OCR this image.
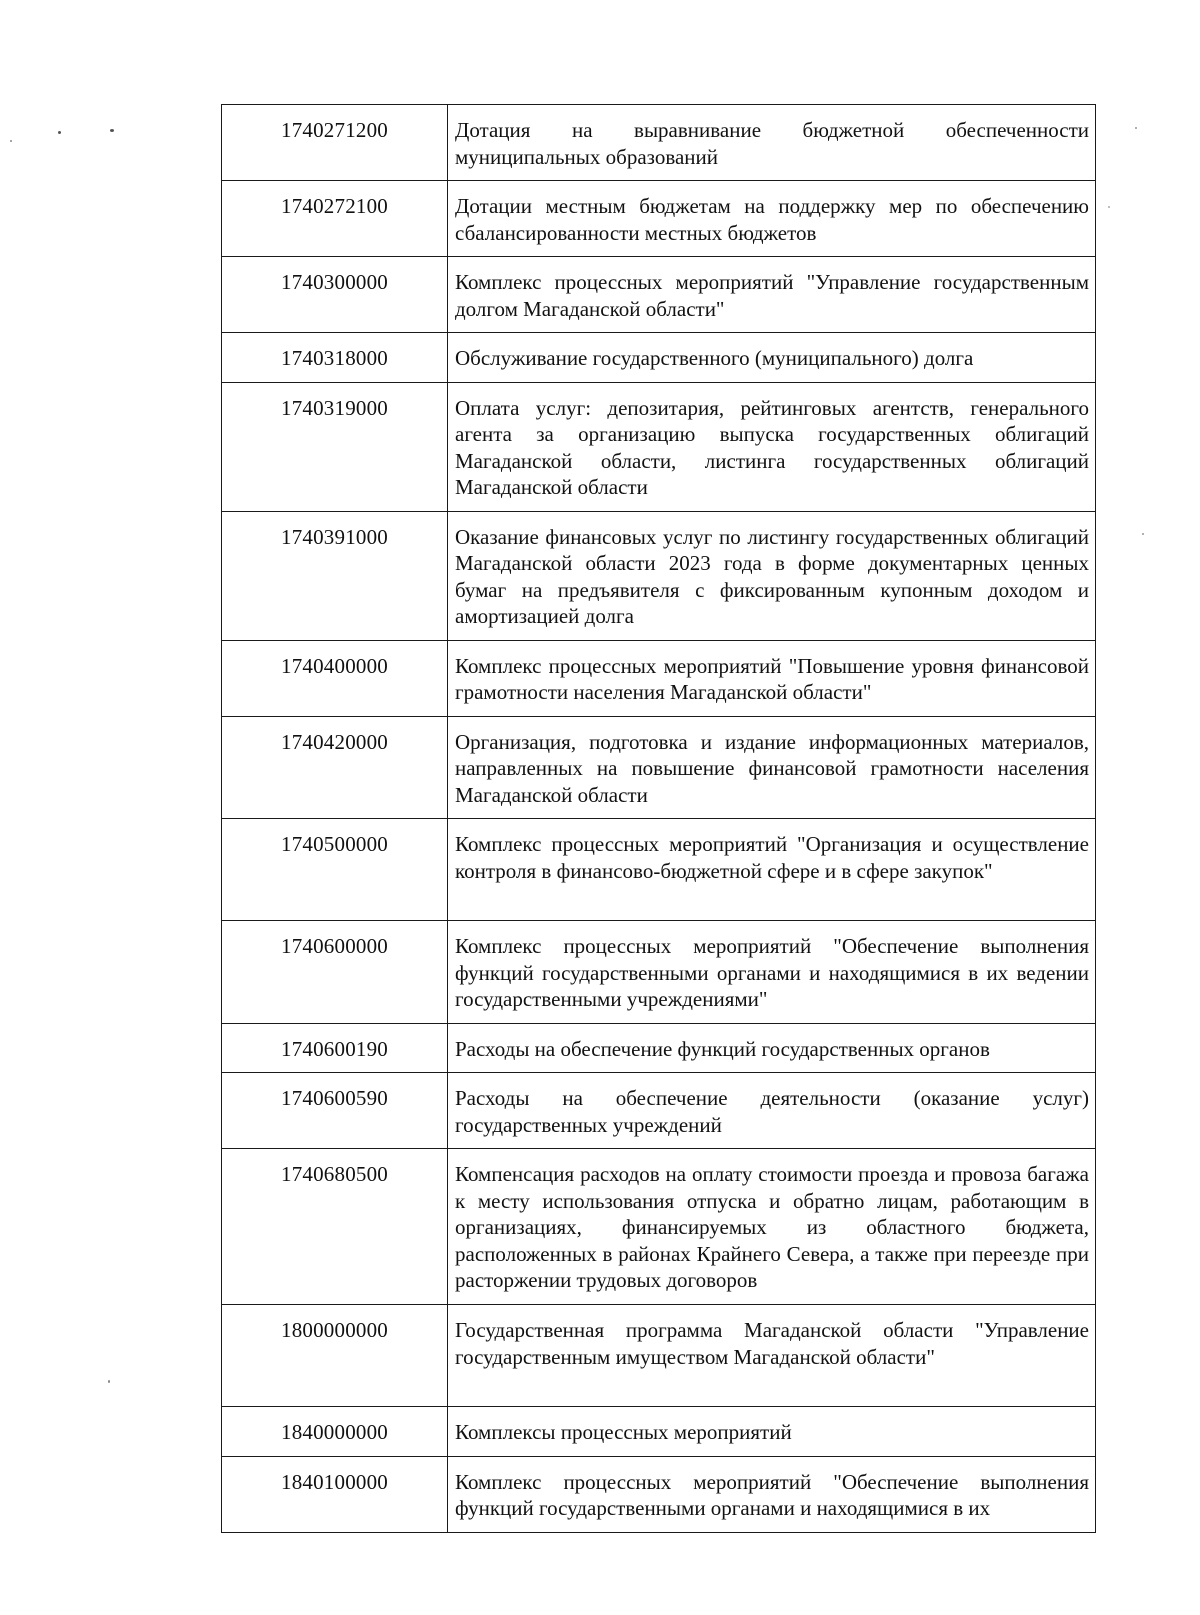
1740271200	Дотация на выравнивание бюджетной обеспеченности муниципальных образований
1740272100	Дотации местным бюджетам на поддержку мер по обеспечению сбалансированности местных бюджетов
1740300000	Комплекс процессных мероприятий "Управление государственным долгом Магаданской области"
1740318000	Обслуживание государственного (муниципального) долга
1740319000	Оплата услуг: депозитария, рейтинговых агентств, генерального агента за организацию выпуска государственных облигаций Магаданской области, листинга государственных облигаций Магаданской области
1740391000	Оказание финансовых услуг по листингу государственных облигаций Магаданской области 2023 года в форме документарных ценных бумаг на предъявителя с фиксированным купонным доходом и амортизацией долга
1740400000	Комплекс процессных мероприятий "Повышение уровня финансовой грамотности населения Магаданской области"
1740420000	Организация, подготовка и издание информационных материалов, направленных на повышение финансовой грамотности населения Магаданской области
1740500000	Комплекс процессных мероприятий "Организация и осуществление контроля в финансово-бюджетной сфере и в сфере закупок"
1740600000	Комплекс процессных мероприятий "Обеспечение выполнения функций государственными органами и находящимися в их ведении государственными учреждениями"
1740600190	Расходы на обеспечение функций государственных органов
1740600590	Расходы на обеспечение деятельности (оказание услуг) государственных учреждений
1740680500	Компенсация расходов на оплату стоимости проезда и провоза багажа к месту использования отпуска и обратно лицам, работающим в организациях, финансируемых из областного бюджета, расположенных в районах Крайнего Севера, а также при переезде при расторжении трудовых договоров
1800000000	Государственная программа Магаданской области "Управление государственным имуществом Магаданской области"
1840000000	Комплексы процессных мероприятий
1840100000	Комплекс процессных мероприятий "Обеспечение выполнения функций государственными органами и находящимися в их
